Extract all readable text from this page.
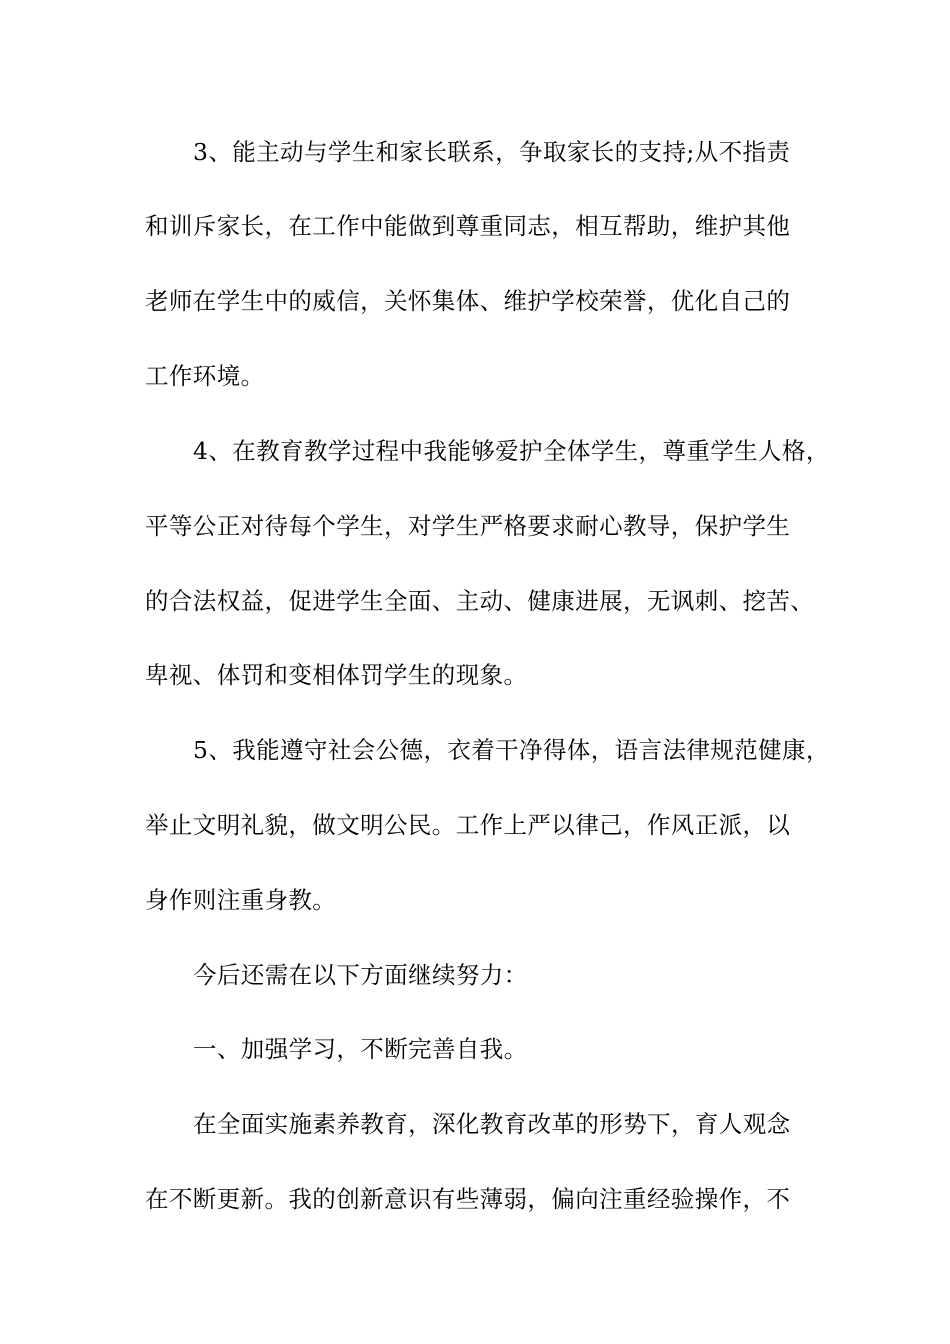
3、能主动与学生和家长联系，争取家长的支持;从不指责
和训斥家长，在工作中能做到尊重同志，相互帮助，维护其他
老师在学生中的威信，关怀集体、维护学校荣誉，优化自己的
工作环境。
4、在教育教学过程中我能够爱护全体学生，尊重学生人格，
平等公正对待每个学生，对学生严格要求耐心教导，保护学生
的合法权益，促进学生全面、主动、健康进展，无讽刺、挖苦、
卑视、体罚和变相体罚学生的现象。
5、我能遵守社会公德，衣着干净得体，语言法律规范健康，
举止文明礼貌，做文明公民。工作上严以律己，作风正派，以
身作则注重身教。
今后还需在以下方面继续努力：
一、加强学习，不断完善自我。
在全面实施素养教育，深化教育改革的形势下，育人观念
在不断更新。我的创新意识有些薄弱，偏向注重经验操作，不
